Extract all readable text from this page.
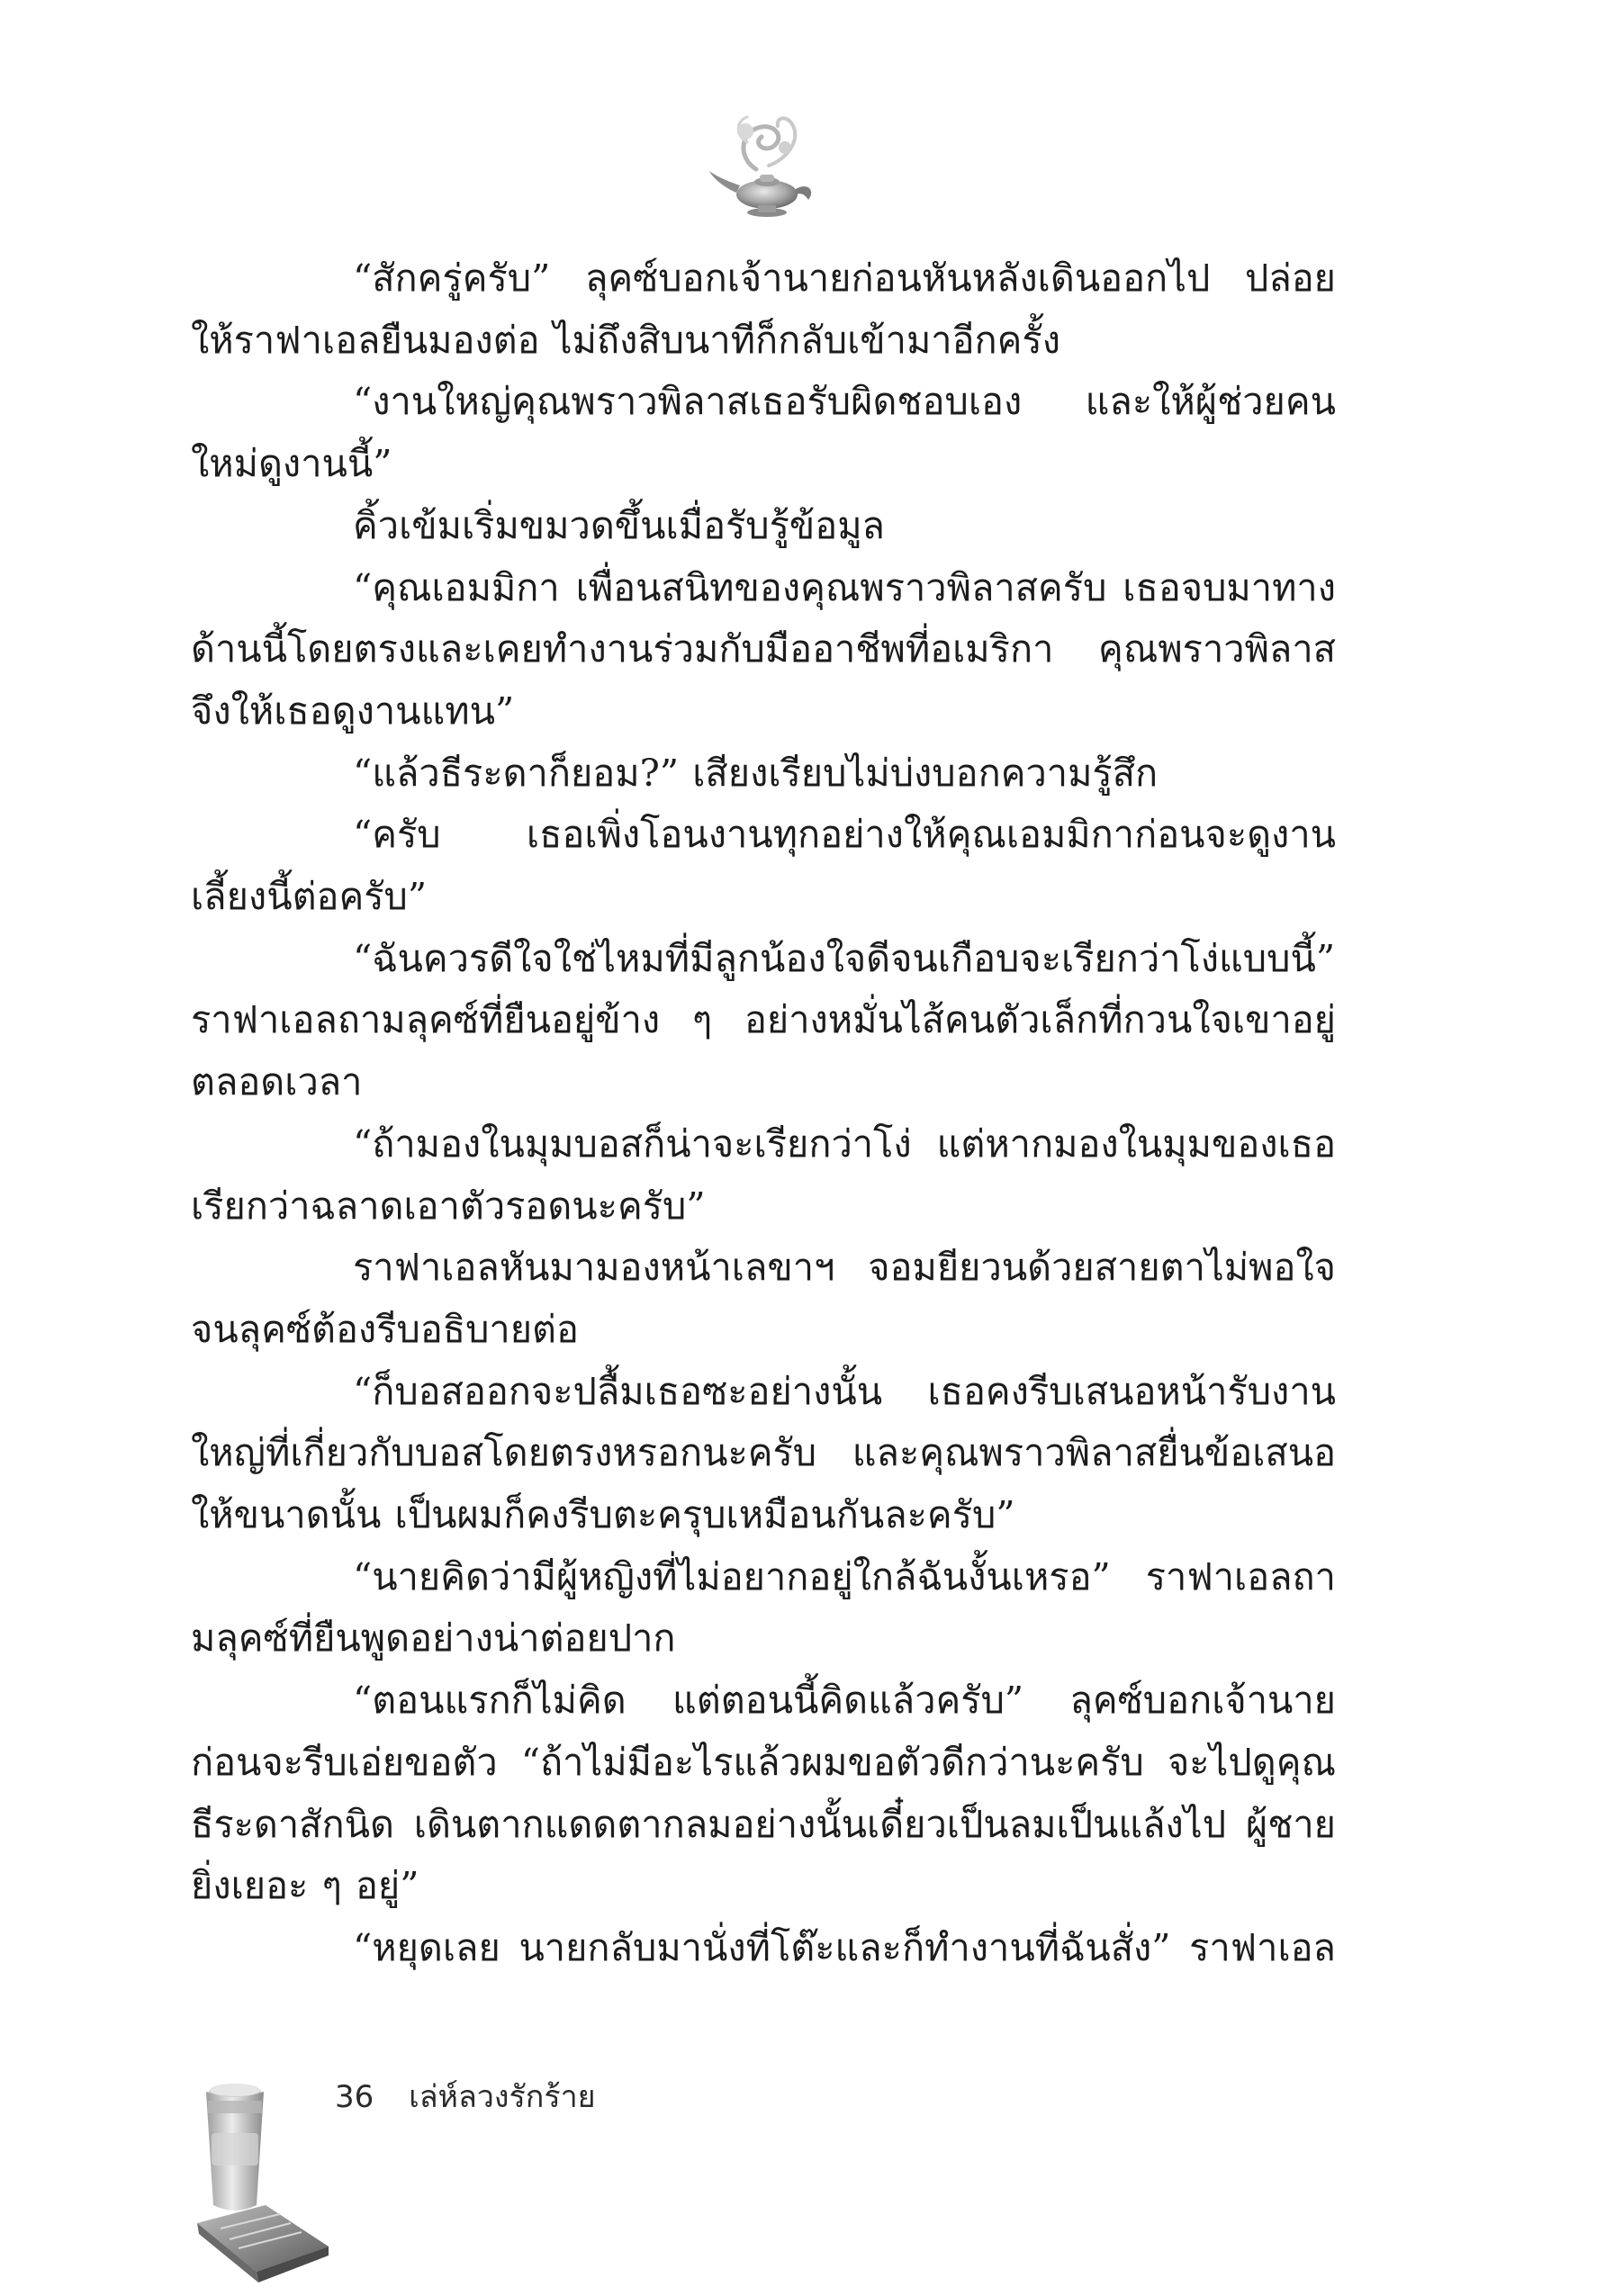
“สักครู่ครับ” ลุคซ์บอกเจ้านายก่อนหันหลังเดินออกไป ปล่อยให้ราฟาเอลยืนมองต่อ ไม่ถึงสิบนาทีก็กลับเข้ามาอีกครั้ง

“งานใหญ่คุณพราวพิลาสเธอรับผิดชอบเอง และให้ผู้ช่วยคนใหม่ดูงานนี้”

คิ้วเข้มเริ่มขมวดขึ้นเมื่อรับรู้ข้อมูล

“คุณเอมมิกา เพื่อนสนิทของคุณพราวพิลาสครับ เธอจบมาทางด้านนี้โดยตรงและเคยทำงานร่วมกับมืออาชีพที่อเมริกา คุณพราวพิลาสจึงให้เธอดูงานแทน”

“แล้วธีระดาก็ยอม?” เสียงเรียบไม่บ่งบอกความรู้สึก

“ครับ เธอเพิ่งโอนงานทุกอย่างให้คุณเอมมิกาก่อนจะดูงานเลี้ยงนี้ต่อครับ”

“ฉันควรดีใจใช่ไหมที่มีลูกน้องใจดีจนเกือบจะเรียกว่าโง่แบบนี้” ราฟาเอลถามลุคซ์ที่ยืนอยู่ข้าง ๆ อย่างหมั่นไส้คนตัวเล็กที่กวนใจเขาอยู่ตลอดเวลา

“ถ้ามองในมุมบอสก็น่าจะเรียกว่าโง่ แต่หากมองในมุมของเธอเรียกว่าฉลาดเอาตัวรอดนะครับ”

ราฟาเอลหันมามองหน้าเลขาฯ จอมยียวนด้วยสายตาไม่พอใจจนลุคซ์ต้องรีบอธิบายต่อ

“ก็บอสออกจะปลื้มเธอซะอย่างนั้น เธอคงรีบเสนอหน้ารับงานใหญ่ที่เกี่ยวกับบอสโดยตรงหรอกนะครับ และคุณพราวพิลาสยื่นข้อเสนอให้ขนาดนั้น เป็นผมก็คงรีบตะครุบเหมือนกันละครับ”

“นายคิดว่ามีผู้หญิงที่ไม่อยากอยู่ใกล้ฉันงั้นเหรอ” ราฟาเอลถามลุคซ์ที่ยืนพูดอย่างน่าต่อยปาก

“ตอนแรกก็ไม่คิด แต่ตอนนี้คิดแล้วครับ” ลุคซ์บอกเจ้านายก่อนจะรีบเอ่ยขอตัว “ถ้าไม่มีอะไรแล้วผมขอตัวดีกว่านะครับ จะไปดูคุณธีระดาสักนิด เดินตากแดดตากลมอย่างนั้นเดี๋ยวเป็นลมเป็นแล้งไป ผู้ชายยิ่งเยอะ ๆ อยู่”

“หยุดเลย นายกลับมานั่งที่โต๊ะและก็ทำงานที่ฉันสั่ง” ราฟาเอล

36 เล่ห์ลวงรักร้าย
